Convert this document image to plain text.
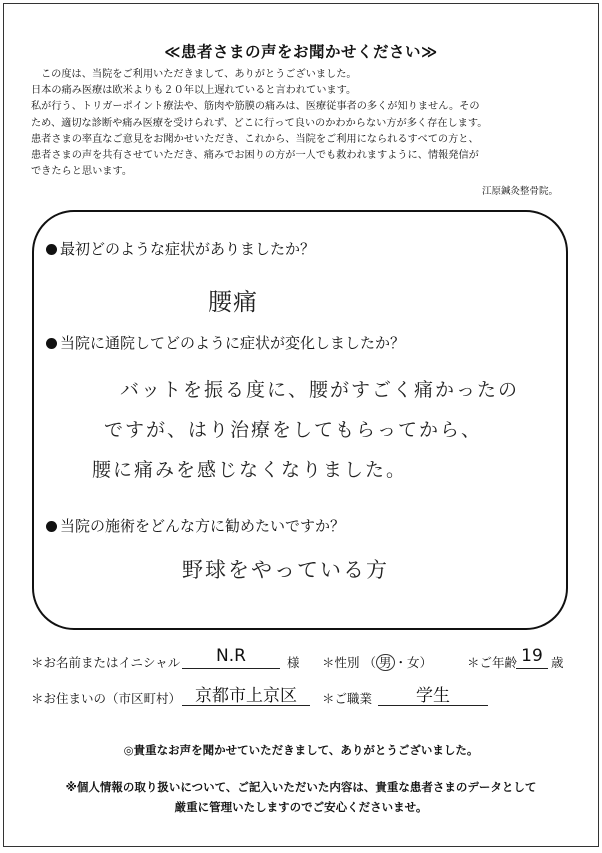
≪患者さまの声をお聞かせください≫

この度は、当院をご利用いただきまして、ありがとうございました。

日本の痛み医療は欧米よりも２０年以上遅れていると言われています。

私が行う、トリガーポイント療法や、筋肉や筋膜の痛みは、医療従事者の多くが知りません。その

ため、適切な診断や痛み医療を受けられず、どこに行って良いのかわからない方が多く存在します。

患者さまの率直なご意見をお聞かせいただき、これから、当院をご利用になられるすべての方と、

患者さまの声を共有させていただき、痛みでお困りの方が一人でも救われますように、情報発信が

できたらと思います。

江原鍼灸整骨院。
最初どのような症状がありましたか？
腰痛
当院に通院してどのように症状が変化しましたか？
バットを振る度に、腰がすごく痛かったの
ですが、はり治療をしてもらってから、
腰に痛みを感じなくなりました。
当院の施術をどんな方に勧めたいですか？
野球をやっている方
＊お名前またはイニシャル	N.R	様 ＊性別 （ 男 ・女）	＊ご年齢 19 歳
＊お住まいの（市区町村） 京都市上京区	＊ご職業	学生
◎貴重なお声を聞かせていただきまして、ありがとうございました。
※個人情報の取り扱いについて、ご記入いただいた内容は、貴重な患者さまのデータとして
厳重に管理いたしますのでご安心くださいませ。
